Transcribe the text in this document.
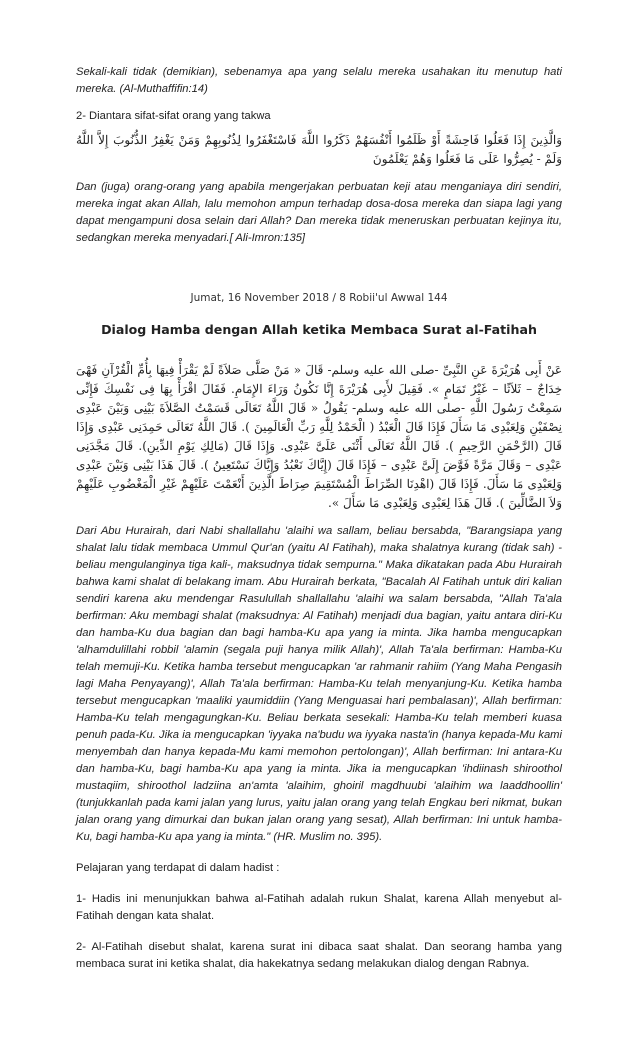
Sekali-kali tidak (demikian), sebenamya apa yang selalu mereka usahakan itu menutup hati mereka. (Al-Muthaffifin:14)

2- Diantara sifat-sifat orang yang takwa

وَالَّذِينَ إِذَا فَعَلُوا فَاحِشَةً أَوْ ظَلَمُوا أَنْفُسَهُمْ ذَكَرُوا اللَّهَ فَاسْتَغْفَرُوا لِذُنُوبِهِمْ وَمَنْ يَغْفِرُ الذُّنُوبَ إِلاَّ اللَّهُ وَلَمْ - يُصِرُّوا عَلَى مَا فَعَلُوا وَهُمْ يَعْلَمُونَ

Dan (juga) orang-orang yang apabila mengerjakan perbuatan keji atau menganiaya diri sendiri, mereka ingat akan Allah, lalu memohon ampun terhadap dosa-dosa mereka dan siapa lagi yang dapat mengampuni dosa selain dari Allah? Dan mereka tidak meneruskan perbuatan kejinya itu, sedangkan mereka menyadari.[ Ali-Imron:135]

Jumat, 16 November 2018 / 8 Robii'ul Awwal 144

Dialog Hamba dengan Allah ketika Membaca Surat al-Fatihah

عَنْ أَبِى هُرَيْرَةَ عَنِ النَّبِىِّ -صلى الله عليه وسلم- قَالَ « مَنْ صَلَّى صَلاَةً لَمْ يَقْرَأْ فِيهَا بِأُمِّ الْقُرْآنِ فَهْىَ خِدَاجٌ – ثَلاَثًا – غَيْرُ تَمَامٍ ». فَقِيلَ لأَبِى هُرَيْرَةَ إِنَّا نَكُونُ وَرَاءَ الإِمَامِ. فَقَالَ اقْرَأْ بِهَا فِى نَفْسِكَ فَإِنِّى سَمِعْتُ رَسُولَ اللَّهِ -صلى الله عليه وسلم- يَقُولُ « قَالَ اللَّهُ تَعَالَى قَسَمْتُ الصَّلاَةَ بَيْنِى وَبَيْنَ عَبْدِى نِصْفَيْنِ وَلِعَبْدِى مَا سَأَلَ فَإِذَا قَالَ الْعَبْدُ ( الْحَمْدُ لِلَّهِ رَبِّ الْعَالَمِينَ ). قَالَ اللَّهُ تَعَالَى حَمِدَنِى عَبْدِى وَإِذَا قَالَ (الرَّحْمَنِ الرَّحِيمِ ). قَالَ اللَّهُ تَعَالَى أَثْنَى عَلَىَّ عَبْدِى. وَإِذَا قَالَ (مَالِكِ يَوْمِ الدِّينِ). قَالَ مَجَّدَنِى عَبْدِى – وَقَالَ مَرَّةً فَوَّضَ إِلَىَّ عَبْدِى – فَإِذَا قَالَ (إِيَّاكَ نَعْبُدُ وَإِيَّاكَ نَسْتَعِينُ ). قَالَ هَذَا بَيْنِى وَبَيْنَ عَبْدِى وَلِعَبْدِى مَا سَأَلَ. فَإِذَا قَالَ (اهْدِنَا الصِّرَاطَ الْمُسْتَقِيمَ صِرَاطَ الَّذِينَ أَنْعَمْتَ عَلَيْهِمْ غَيْرِ الْمَغْضُوبِ عَلَيْهِمْ وَلاَ الضَّالِّينَ ). قَالَ هَذَا لِعَبْدِى وَلِعَبْدِى مَا سَأَلَ ».

Dari Abu Hurairah, dari Nabi shallallahu 'alaihi wa sallam, beliau bersabda, "Barangsiapa yang shalat lalu tidak membaca Ummul Qur'an (yaitu Al Fatihah), maka shalatnya kurang (tidak sah) -beliau mengulanginya tiga kali-, maksudnya tidak sempurna." Maka dikatakan pada Abu Hurairah bahwa kami shalat di belakang imam. Abu Hurairah berkata, "Bacalah Al Fatihah untuk diri kalian sendiri karena aku mendengar Rasulullah shallallahu 'alaihi wa salam bersabda, "Allah Ta'ala berfirman: Aku membagi shalat (maksudnya: Al Fatihah) menjadi dua bagian, yaitu antara diri-Ku dan hamba-Ku dua bagian dan bagi hamba-Ku apa yang ia minta. Jika hamba mengucapkan 'alhamdulillahi robbil 'alamin (segala puji hanya milik Allah)', Allah Ta'ala berfirman: Hamba-Ku telah memuji-Ku. Ketika hamba tersebut mengucapkan 'ar rahmanir rahiim (Yang Maha Pengasih lagi Maha Penyayang)', Allah Ta'ala berfirman: Hamba-Ku telah menyanjung-Ku. Ketika hamba tersebut mengucapkan 'maaliki yaumiddiin (Yang Menguasai hari pembalasan)', Allah berfirman: Hamba-Ku telah mengagungkan-Ku. Beliau berkata sesekali: Hamba-Ku telah memberi kuasa penuh pada-Ku. Jika ia mengucapkan 'iyyaka na'budu wa iyyaka nasta'in (hanya kepada-Mu kami menyembah dan hanya kepada-Mu kami memohon pertolongan)', Allah berfirman: Ini antara-Ku dan hamba-Ku, bagi hamba-Ku apa yang ia minta. Jika ia mengucapkan 'ihdiinash shiroothol mustaqiim, shiroothol ladziina an'amta 'alaihim, ghoiril magdhuubi 'alaihim wa laaddhoollin' (tunjukkanlah pada kami jalan yang lurus, yaitu jalan orang yang telah Engkau beri nikmat, bukan jalan orang yang dimurkai dan bukan jalan orang yang sesat), Allah berfirman: Ini untuk hamba-Ku, bagi hamba-Ku apa yang ia minta." (HR. Muslim no. 395).

Pelajaran yang terdapat di dalam hadist :

1- Hadis ini menunjukkan bahwa al-Fatihah adalah rukun Shalat, karena Allah menyebut al-Fatihah dengan kata shalat.

2- Al-Fatihah disebut shalat, karena surat ini dibaca saat shalat. Dan seorang hamba yang membaca surat ini ketika shalat, dia hakekatnya sedang melakukan dialog dengan Rabnya.
